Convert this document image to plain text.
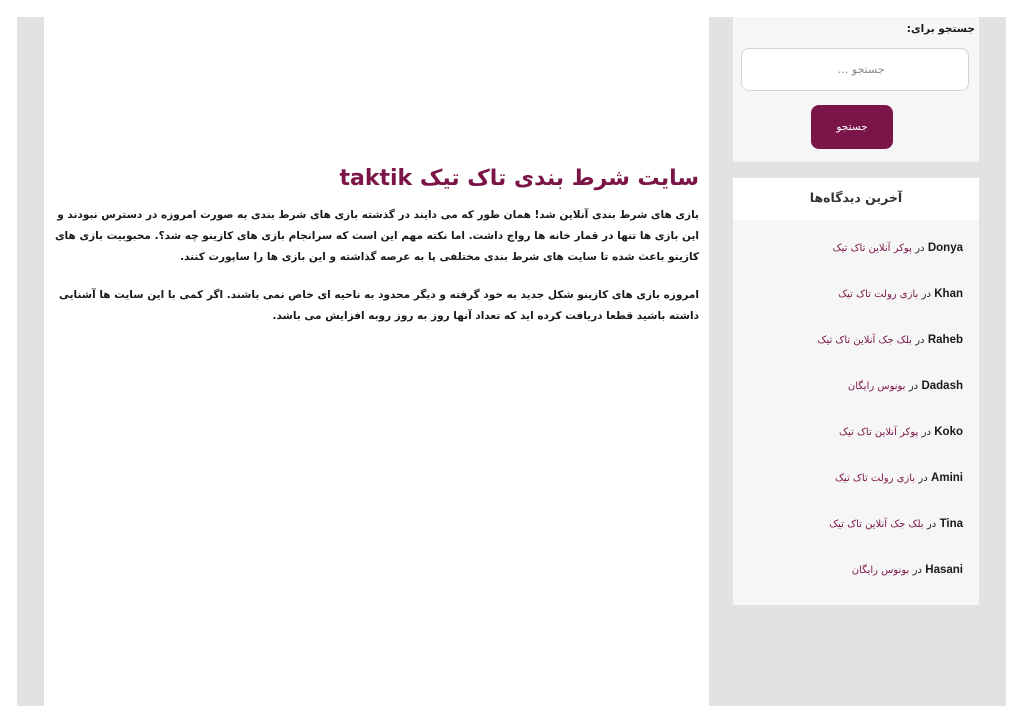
سایت شرط بندی تاک تیک taktik

بازی های شرط بندی آنلاین شد! همان طور که می دایند در گذشته بازی های شرط بندی به صورت امروزه در دسترس نبودند و این بازی ها تنها در قمار خانه ها رواج داشت. اما نکته مهم این است که سرانجام بازی های کازینو چه شد؟. محبوبیت بازی های کازینو باعث شده تا سایت های شرط بندی مختلفی پا به عرصه گذاشته و این بازی ها را ساپورت کنند.

امروزه بازی های کازینو شکل جدید به خود گرفته و دیگر محدود به ناحیه ای خاص نمی باشند. اگر کمی با این سایت ها آشنایی داشته باشید قطعا دریافت کرده اید که تعداد آنها روز به روز روبه افزایش می باشد.

جستجو برای:
جستجو …
جستجو
آخرین دیدگاه‌ها
Donya در پوکر آنلاین تاک تیک
Khan در بازی رولت تاک تیک
Raheb در بلک جک آنلاین تاک تیک
Dadash در بونوس رایگان
Koko در پوکر آنلاین تاک تیک
Amini در بازی رولت تاک تیک
Tina در بلک جک آنلاین تاک تیک
Hasani در بونوس رایگان
